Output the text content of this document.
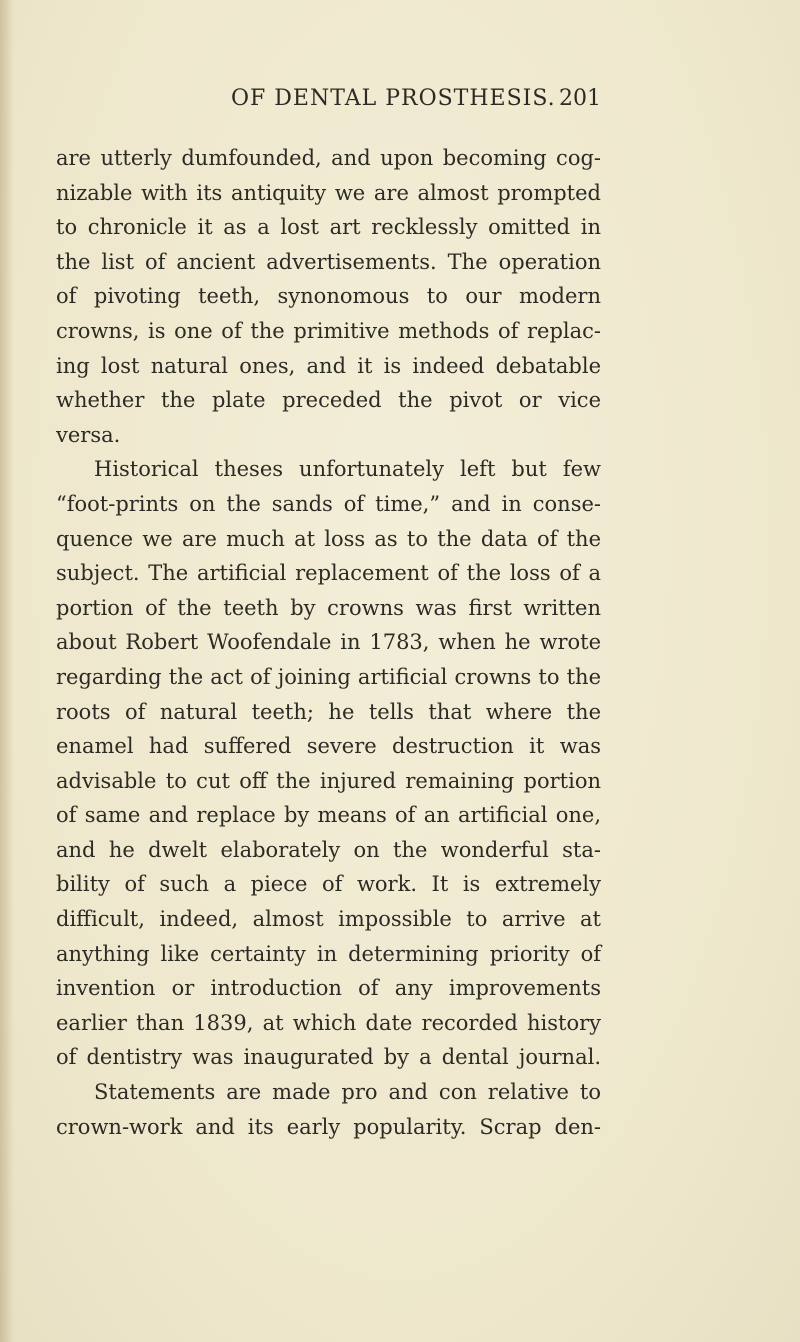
OF DENTAL PROSTHESIS. 201
are utterly dumfounded, and upon becoming cog-
nizable with its antiquity we are almost prompted
to chronicle it as a lost art recklessly omitted in
the list of ancient advertisements. The operation
of pivoting teeth, synonomous to our modern
crowns, is one of the primitive methods of replac-
ing lost natural ones, and it is indeed debatable
whether the plate preceded the pivot or vice
versa.
Historical theses unfortunately left but few
“foot-prints on the sands of time,” and in conse-
quence we are much at loss as to the data of the
subject. The artificial replacement of the loss of a
portion of the teeth by crowns was first written
about Robert Woofendale in 1783, when he wrote
regarding the act of joining artificial crowns to the
roots of natural teeth; he tells that where the
enamel had suffered severe destruction it was
advisable to cut off the injured remaining portion
of same and replace by means of an artificial one,
and he dwelt elaborately on the wonderful sta-
bility of such a piece of work. It is extremely
difficult, indeed, almost impossible to arrive at
anything like certainty in determining priority of
invention or introduction of any improvements
earlier than 1839, at which date recorded history
of dentistry was inaugurated by a dental journal.
Statements are made pro and con relative to
crown-work and its early popularity. Scrap den-
